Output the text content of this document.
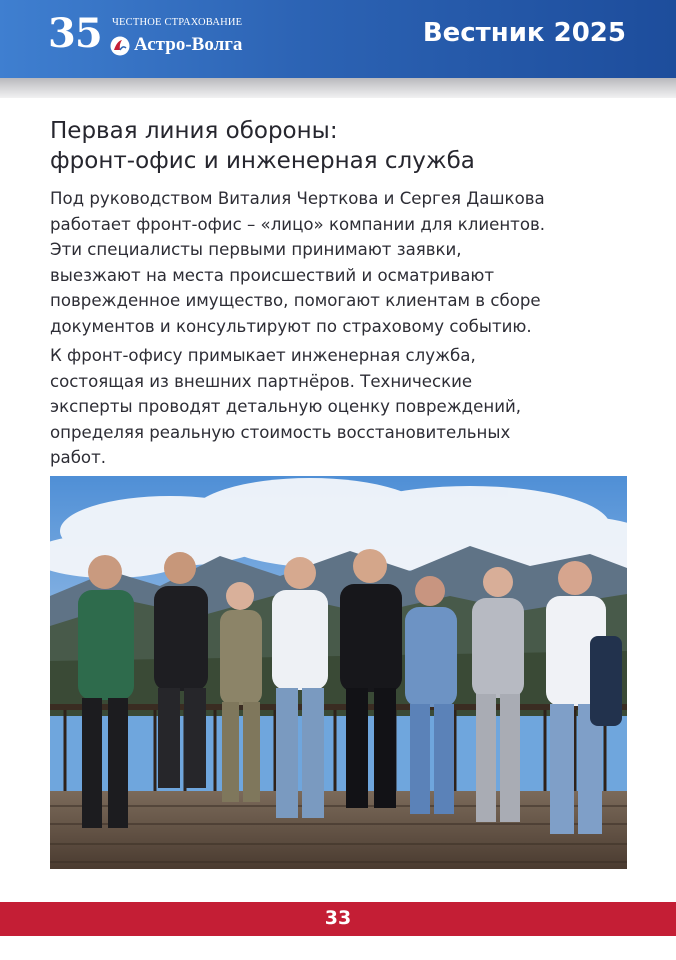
35 ЧЕСТНОЕ СТРАХОВАНИЕ
Астро-Волга	Вестник 2025
Первая линия обороны:
фронт-офис и инженерная служба
Под руководством Виталия Черткова и Сергея Дашкова
работает фронт-офис – «лицо» компании для клиентов.
Эти специалисты первыми принимают заявки,
выезжают на места происшествий и осматривают
поврежденное имущество, помогают клиентам в сборе
документов и консультируют по страховому событию.
К фронт-офису примыкает инженерная служба,
состоящая из внешних партнёров. Технические
эксперты проводят детальную оценку повреждений,
определяя реальную стоимость восстановительных
работ.
33
